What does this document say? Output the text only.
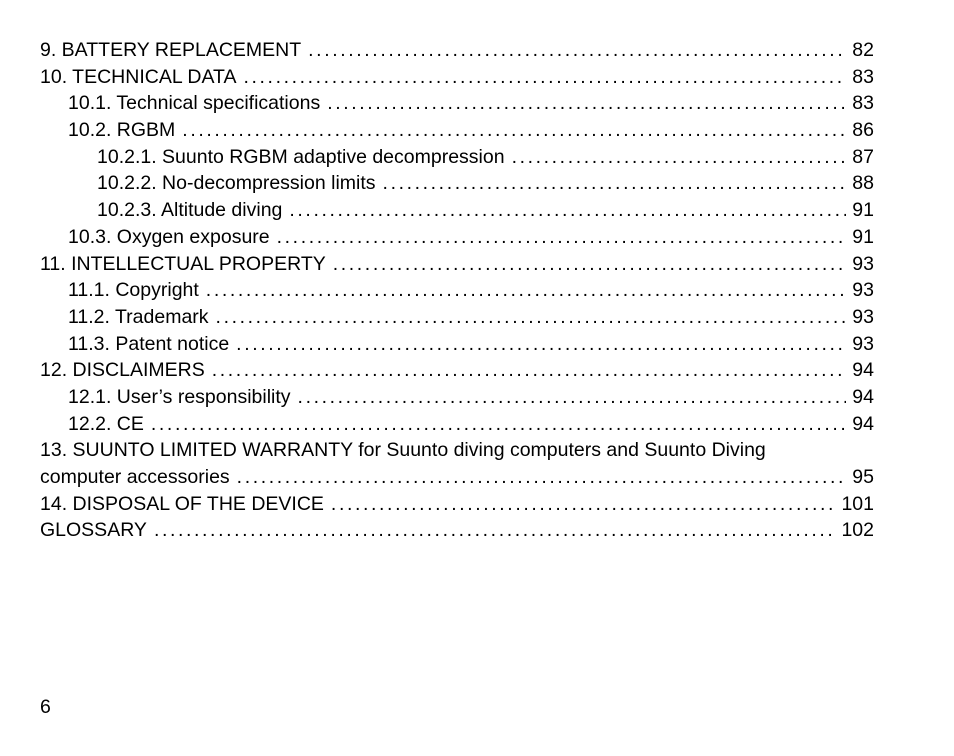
9. BATTERY REPLACEMENT .....	82
10. TECHNICAL DATA .....	83
10.1. Technical specifications .....	83
10.2. RGBM .....	86
10.2.1. Suunto RGBM adaptive decompression .....	87
10.2.2. No-decompression limits .....	88
10.2.3. Altitude diving .....	91
10.3. Oxygen exposure .....	91
11. INTELLECTUAL PROPERTY .....	93
11.1. Copyright .....	93
11.2. Trademark .....	93
11.3. Patent notice .....	93
12. DISCLAIMERS .....	94
12.1. User’s responsibility .....	94
12.2. CE .....	94
13. SUUNTO LIMITED WARRANTY for Suunto diving computers and Suunto Diving
computer accessories .....	95
14. DISPOSAL OF THE DEVICE .....	101
GLOSSARY .....	102
6
